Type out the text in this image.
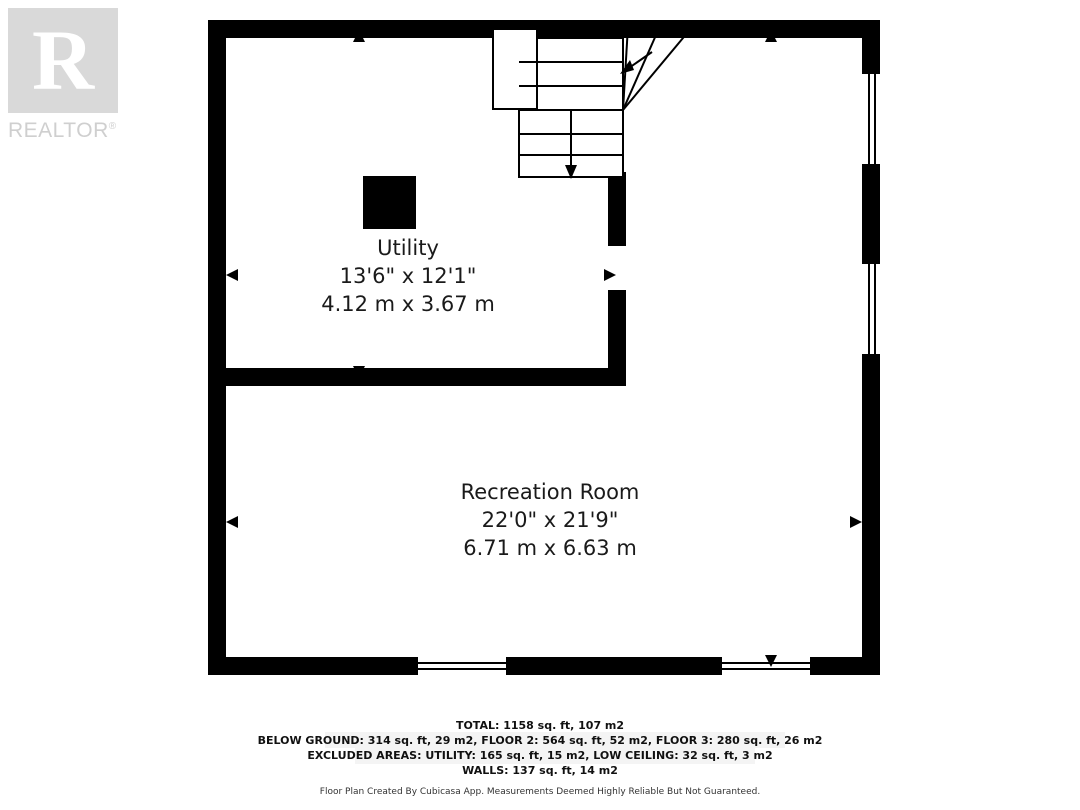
R
REALTOR®
Utility
13'6" x 12'1"
4.12 m x 3.67 m
Recreation Room
22'0" x 21'9"
6.71 m x 6.63 m
TOTAL: 1158 sq. ft, 107 m2
BELOW GROUND: 314 sq. ft, 29 m2, FLOOR 2: 564 sq. ft, 52 m2, FLOOR 3: 280 sq. ft, 26 m2
EXCLUDED AREAS: UTILITY: 165 sq. ft, 15 m2, LOW CEILING: 32 sq. ft, 3 m2
WALLS: 137 sq. ft, 14 m2
Floor Plan Created By Cubicasa App. Measurements Deemed Highly Reliable But Not Guaranteed.
